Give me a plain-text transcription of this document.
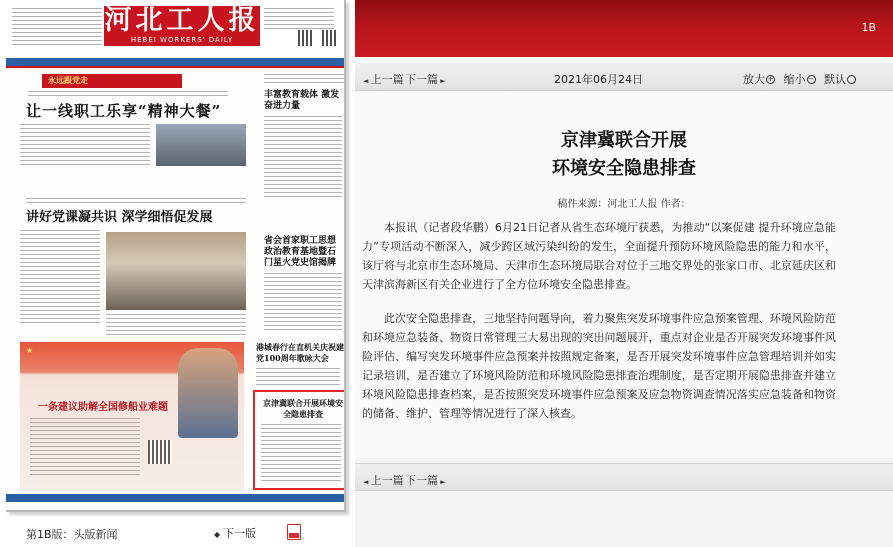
河北工人报
HEBEI WORKERS' DAILY
永远跟党走
让一线职工乐享“精神大餐”
丰富教育载体 激发奋进力量
讲好党课凝共识 深学细悟促发展
省会首家职工思想政治教育基地暨石门星火党史馆揭牌
★
一条建议助解全国修船业难题
港城春行在直机关庆祝建党100周年歌咏大会
京津冀联合开展环境安全隐患排查
第1B版：头版新闻	◆ 下一版
1B
◄ 上一篇 下一篇 ►	2021年06月24日	放大 +
缩小 −
默认
京津冀联合开展
环境安全隐患排查
稿件来源：河北工人报 作者：

本报讯（记者段华鹏）6月21日记者从省生态环境厅获悉，为推动“以案促建 提升环境应急能力”专项活动不断深入，减少跨区域污染纠纷的发生，全面提升预防环境风险隐患的能力和水平，该厅将与北京市生态环境局、天津市生态环境局联合对位于三地交界处的张家口市、北京延庆区和天津滨海新区有关企业进行了全方位环境安全隐患排查。

此次安全隐患排查，三地坚持问题导向，着力聚焦突发环境事件应急预案管理、环境风险防范和环境应急装备、物资日常管理三大易出现的突出问题展开，重点对企业是否开展突发环境事件风险评估、编写突发环境事件应急预案并按照规定备案，是否开展突发环境事件应急管理培训并如实记录培训，是否建立了环境风险防范和环境风险隐患排查治理制度，是否定期开展隐患排查并建立环境风险隐患排查档案，是否按照突发环境事件应急预案及应急物资调查情况落实应急装备和物资的储备、维护、管理等情况进行了深入核查。

◄ 上一篇 下一篇 ►
